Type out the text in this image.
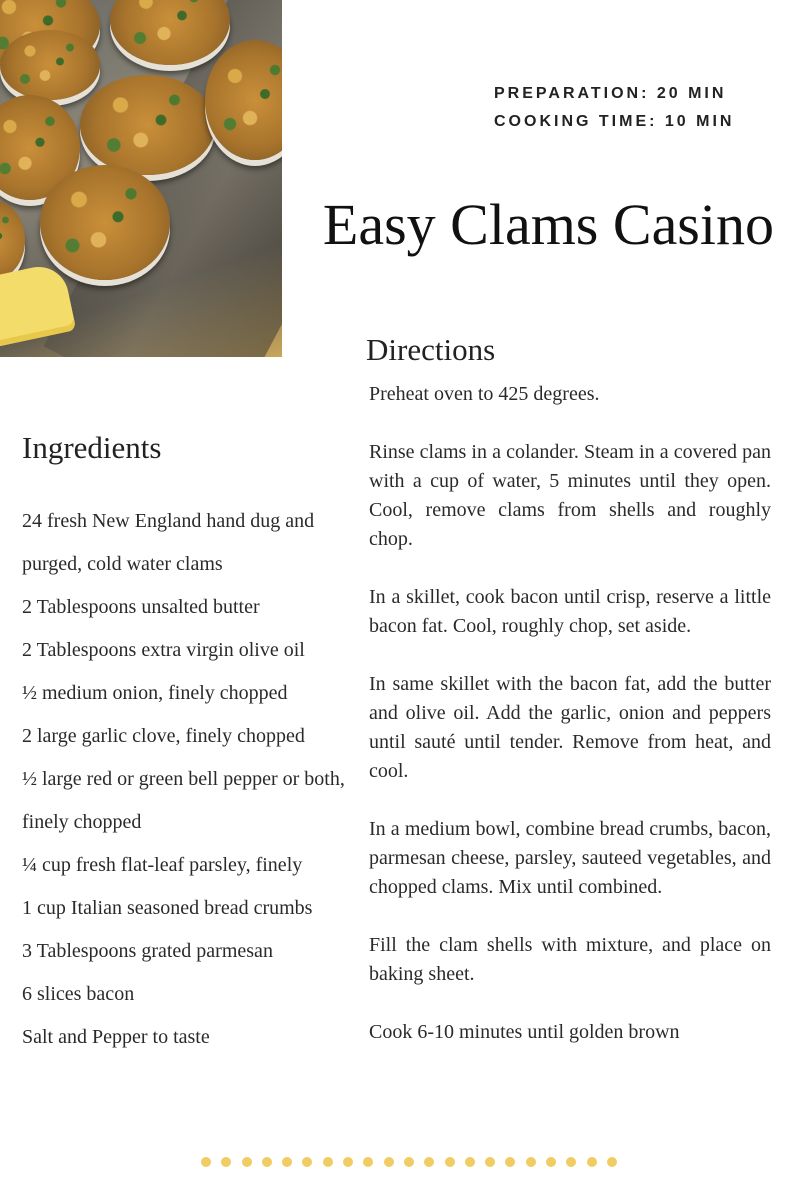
PREPARATION: 20 MIN
COOKING TIME: 10 MIN
Easy Clams Casino
Directions

Preheat oven to 425 degrees.

Rinse clams in a colander. Steam in a covered pan with a cup of water, 5 minutes until they open. Cool, remove clams from shells and roughly chop.

In a skillet, cook bacon until crisp, reserve a little bacon fat. Cool, roughly chop, set aside.

In same skillet with the bacon fat, add the butter and olive oil. Add the garlic, onion and peppers until sauté until tender. Remove from heat, and cool.

In a medium bowl, combine bread crumbs, bacon, parmesan cheese, parsley, sauteed vegetables, and chopped clams. Mix until combined.

Fill the clam shells with mixture, and place on baking sheet.

Cook 6-10 minutes until golden brown

Ingredients
24 fresh New England hand dug and purged, cold water clams
2 Tablespoons unsalted butter
2 Tablespoons extra virgin olive oil
½ medium onion, finely chopped
2 large garlic clove, finely chopped
½ large red or green bell pepper or both, finely chopped
¼ cup fresh flat-leaf parsley, finely
1 cup Italian seasoned bread crumbs
3 Tablespoons grated parmesan
6 slices bacon
Salt and Pepper to taste
